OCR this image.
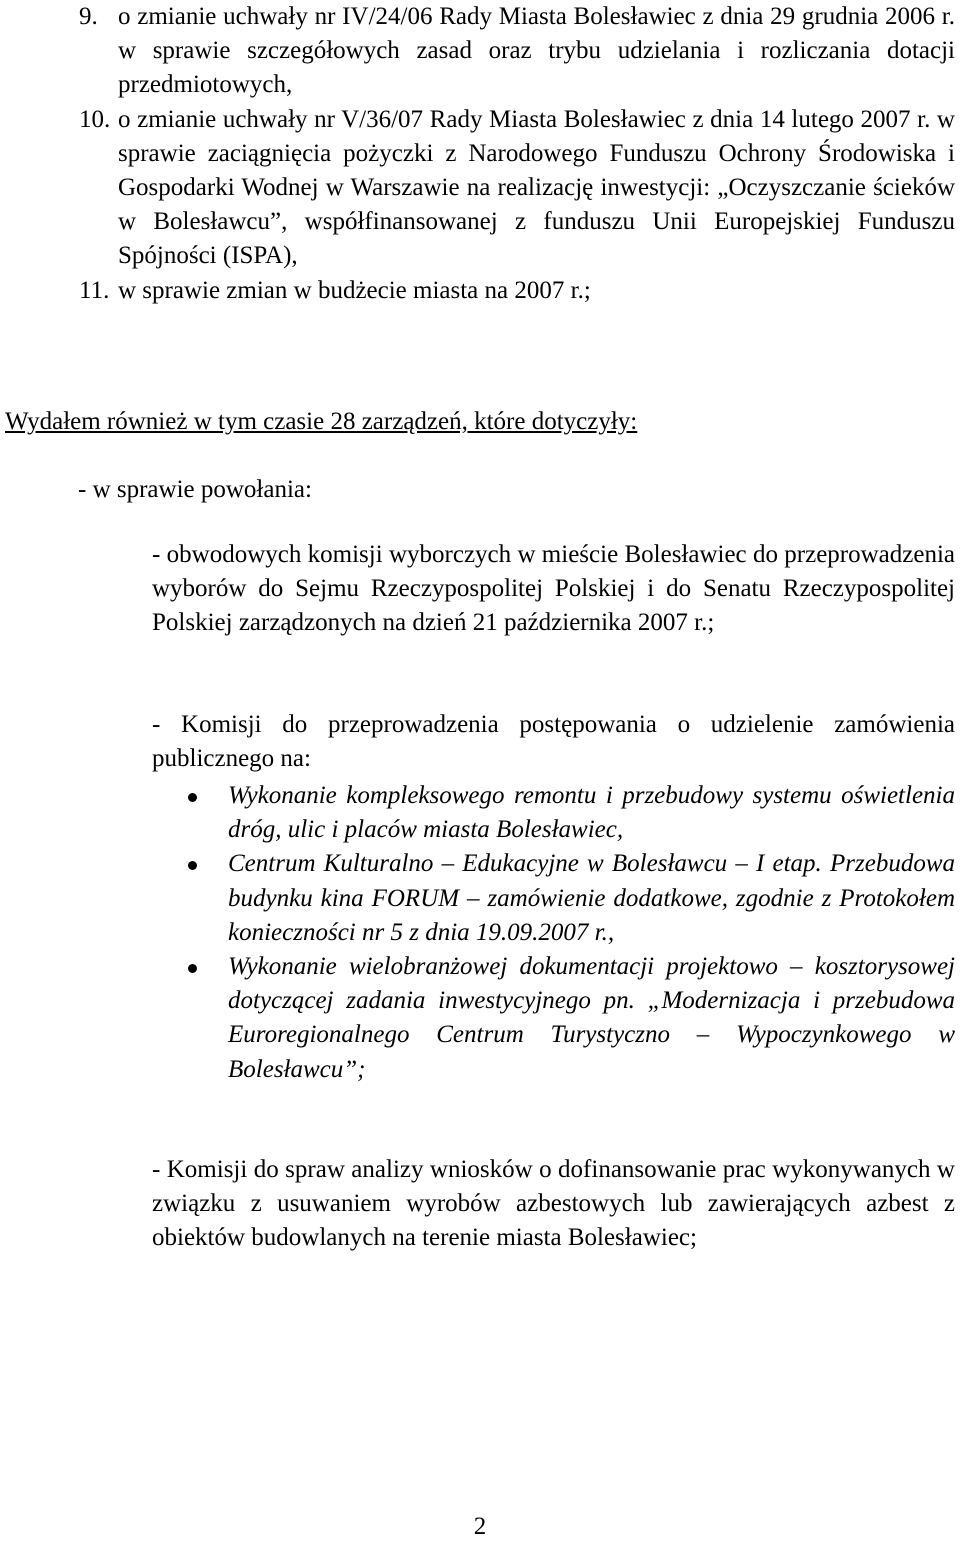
9. o zmianie uchwały nr IV/24/06 Rady Miasta Bolesławiec z dnia 29 grudnia 2006 r. w sprawie szczegółowych zasad oraz trybu udzielania i rozliczania dotacji przedmiotowych,
10. o zmianie uchwały nr V/36/07 Rady Miasta Bolesławiec z dnia 14 lutego 2007 r. w sprawie zaciągnięcia pożyczki z Narodowego Funduszu Ochrony Środowiska i Gospodarki Wodnej w Warszawie na realizację inwestycji: „Oczyszczanie ścieków w Bolesławcu”, współfinansowanej z funduszu Unii Europejskiej Funduszu Spójności (ISPA),
11. w sprawie zmian w budżecie miasta na 2007 r.;
Wydałem również w tym czasie 28 zarządzeń, które dotyczyły:
- w sprawie powołania:
- obwodowych komisji wyborczych w mieście Bolesławiec do przeprowadzenia wyborów do Sejmu Rzeczypospolitej Polskiej i do Senatu Rzeczypospolitej Polskiej zarządzonych na dzień 21 października 2007 r.;
- Komisji do przeprowadzenia postępowania o udzielenie zamówienia publicznego na:
Wykonanie kompleksowego remontu i przebudowy systemu oświetlenia dróg, ulic i placów miasta Bolesławiec,
Centrum Kulturalno – Edukacyjne w Bolesławcu – I etap. Przebudowa budynku kina FORUM – zamówienie dodatkowe, zgodnie z Protokołem konieczności nr 5 z dnia 19.09.2007 r.,
Wykonanie wielobranżowej dokumentacji projektowo – kosztorysowej dotyczącej zadania inwestycyjnego pn. „Modernizacja i przebudowa Euroregionalnego Centrum Turystyczno – Wypoczynkowego w Bolesławcu”;
- Komisji do spraw analizy wniosków o dofinansowanie prac wykonywanych w związku z usuwaniem wyrobów azbestowych lub zawierających azbest z obiektów budowlanych na terenie miasta Bolesławiec;
2
